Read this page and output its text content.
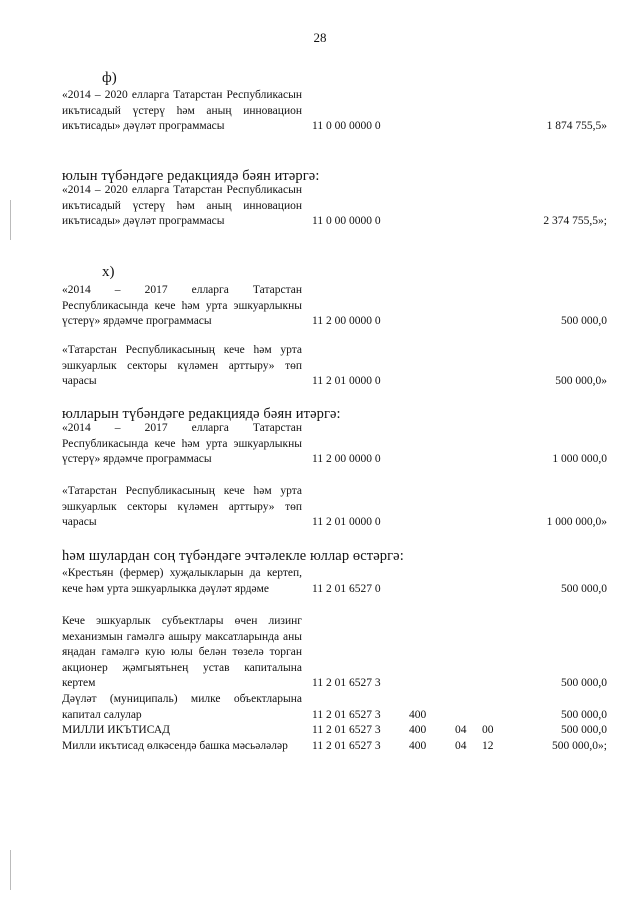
28
ф)
«2014 – 2020 елларга Татарстан Республикасын икътисадый үстерү һәм аның инновацион икътисады» дәүләт программасы	11 0 00 0000 0	1 874 755,5»
юлын түбәндәге редакциядә бәян итәргә:
«2014 – 2020 елларга Татарстан Республикасын икътисадый үстерү һәм аның инновацион икътисады» дәүләт программасы	11 0 00 0000 0	2 374 755,5»;
х)
«2014 – 2017 елларга Татарстан Республикасында кече һәм урта эшкуарлыкны үстерү» ярдәмче программасы	11 2 00 0000 0	500 000,0
«Татарстан Республикасының кече һәм урта эшкуарлык секторы күләмен арттыру» төп чарасы	11 2 01 0000 0	500 000,0»
юлларын түбәндәге редакциядә бәян итәргә:
«2014 – 2017 елларга Татарстан Республикасында кече һәм урта эшкуарлыкны үстерү» ярдәмче программасы	11 2 00 0000 0	1 000 000,0
«Татарстан Республикасының кече һәм урта эшкуарлык секторы күләмен арттыру» төп чарасы	11 2 01 0000 0	1 000 000,0»
һәм шулардан соң түбәндәге эчтәлекле юллар өстәргә:
«Крестьян (фермер) хуҗалыкларын да кертеп, кече һәм урта эшкуарлыкка дәүләт ярдәме	11 2 01 6527 0	500 000,0
Кече эшкуарлык субъектлары өчен лизинг механизмын гамәлгә ашыру максатларында аны яңадан гамәлгә кую юлы белән төзелә торган акционер җәмгыятьнең устав капиталына кертем	11 2 01 6527 3	500 000,0
Дәүләт (муниципаль) милке объектларына капитал салулар	11 2 01 6527 3 400	500 000,0
МИЛЛИ ИКЪТИСАД	11 2 01 6527 3 400	04 00	500 000,0
Милли икътисад өлкәсендә башка мәсьәләләр	11 2 01 6527 3 400	04 12	500 000,0»;
